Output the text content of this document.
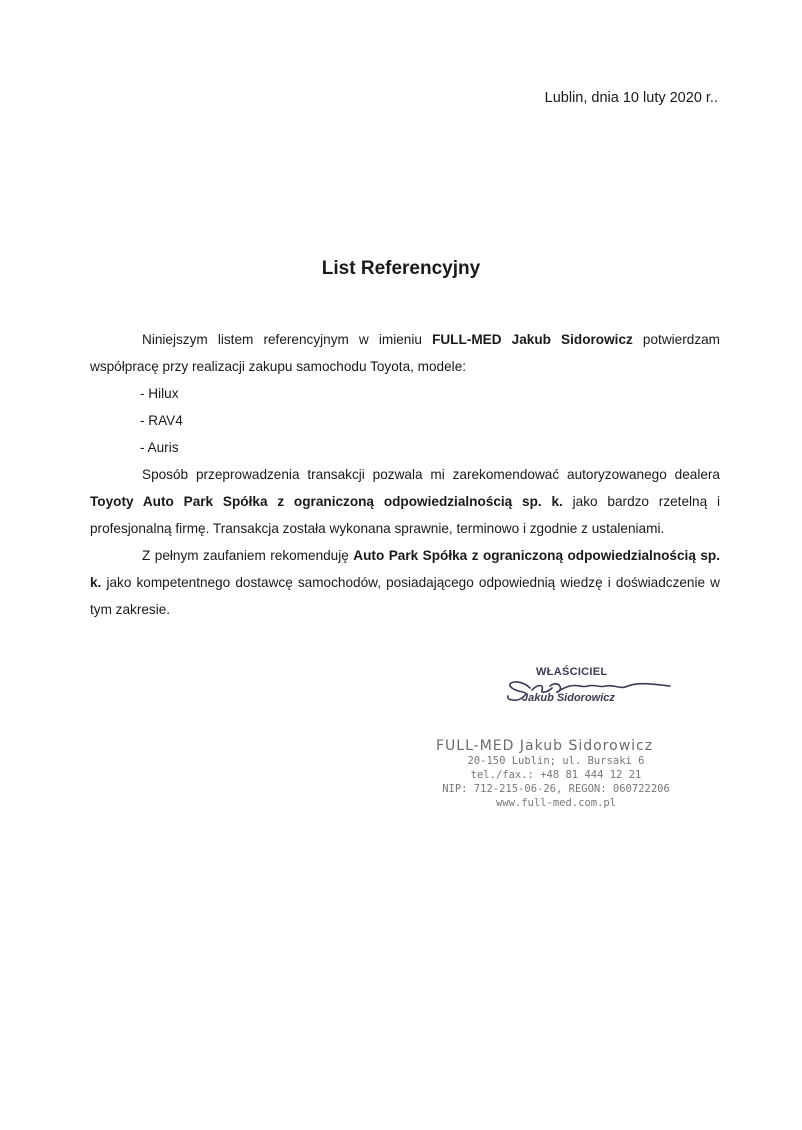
Lublin, dnia 10 luty 2020 r..
List Referencyjny

Niniejszym listem referencyjnym w imieniu FULL-MED Jakub Sidorowicz potwierdzam współpracę przy realizacji zakupu samochodu Toyota, modele:

- Hilux

- RAV4

- Auris

Sposób przeprowadzenia transakcji pozwala mi zarekomendować autoryzowanego dealera Toyoty Auto Park Spółka z ograniczoną odpowiedzialnością sp. k. jako bardzo rzetelną i profesjonalną firmę. Transakcja została wykonana sprawnie, terminowo i zgodnie z ustaleniami.

Z pełnym zaufaniem rekomenduję Auto Park Spółka z ograniczoną odpowiedzialnością sp. k. jako kompetentnego dostawcę samochodów, posiadającego odpowiednią wiedzę i doświadczenie w tym zakresie.

WŁAŚCICIEL
Jakub Sidorowicz
FULL-MED Jakub Sidorowicz
20-150 Lublin; ul. Bursaki 6
tel./fax.: +48 81 444 12 21
NIP: 712-215-06-26, REGON: 060722206
www.full-med.com.pl
